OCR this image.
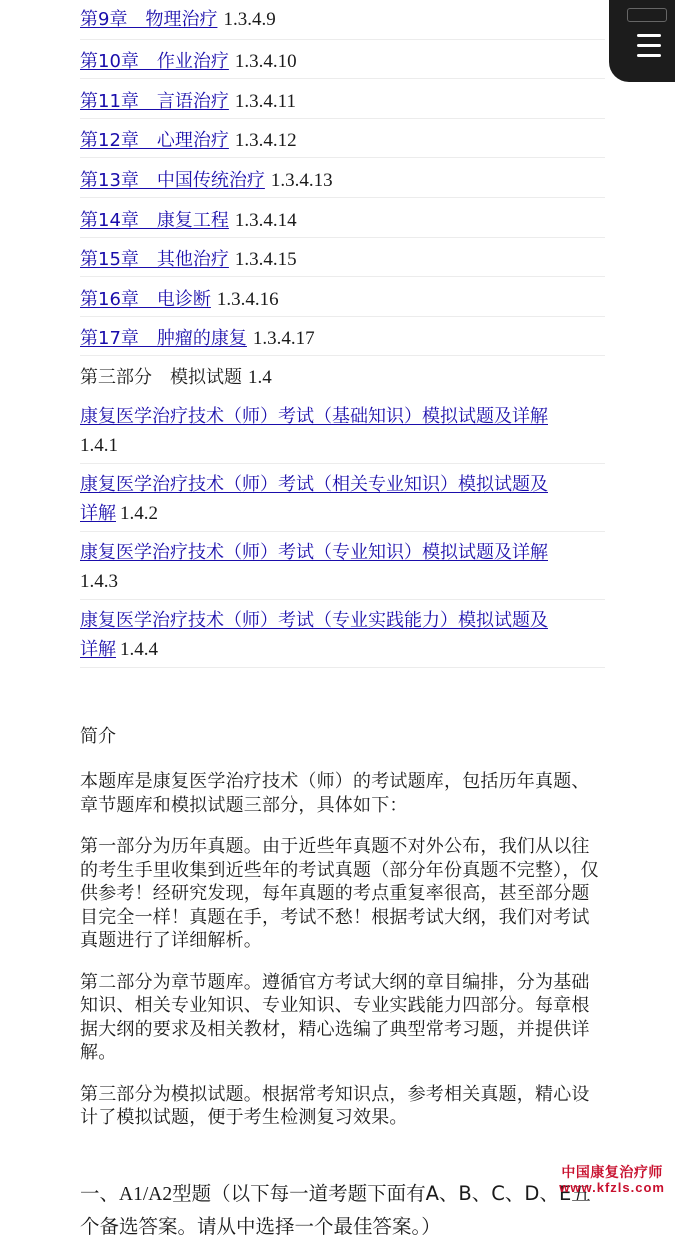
第9章　物理治疗 1.3.4.9
第10章　作业治疗 1.3.4.10
第11章　言语治疗 1.3.4.11
第12章　心理治疗 1.3.4.12
第13章　中国传统治疗 1.3.4.13
第14章　康复工程 1.3.4.14
第15章　其他治疗 1.3.4.15
第16章　电诊断 1.3.4.16
第17章　肿瘤的康复 1.3.4.17
第三部分　模拟试题 1.4
康复医学治疗技术（师）考试（基础知识）模拟试题及详解
1.4.1
康复医学治疗技术（师）考试（相关专业知识）模拟试题及
详解 1.4.2
康复医学治疗技术（师）考试（专业知识）模拟试题及详解
1.4.3
康复医学治疗技术（师）考试（专业实践能力）模拟试题及
详解 1.4.4
简介

本题库是康复医学治疗技术（师）的考试题库，包括历年真题、章节题库和模拟试题三部分，具体如下：

第一部分为历年真题。由于近些年真题不对外公布，我们从以往的考生手里收集到近些年的考试真题（部分年份真题不完整），仅供参考！经研究发现，每年真题的考点重复率很高，甚至部分题目完全一样！真题在手，考试不愁！根据考试大纲，我们对考试真题进行了详细解析。

第二部分为章节题库。遵循官方考试大纲的章目编排，分为基础知识、相关专业知识、专业知识、专业实践能力四部分。每章根据大纲的要求及相关教材，精心选编了典型常考习题，并提供详解。

第三部分为模拟试题。根据常考知识点，参考相关真题，精心设计了模拟试题，便于考生检测复习效果。

一、A1/A2型题（以下每一道考题下面有A、B、C、D、E五个备选答案。请从中选择一个最佳答案。）
中国康复治疗师
www.kfzls.com
